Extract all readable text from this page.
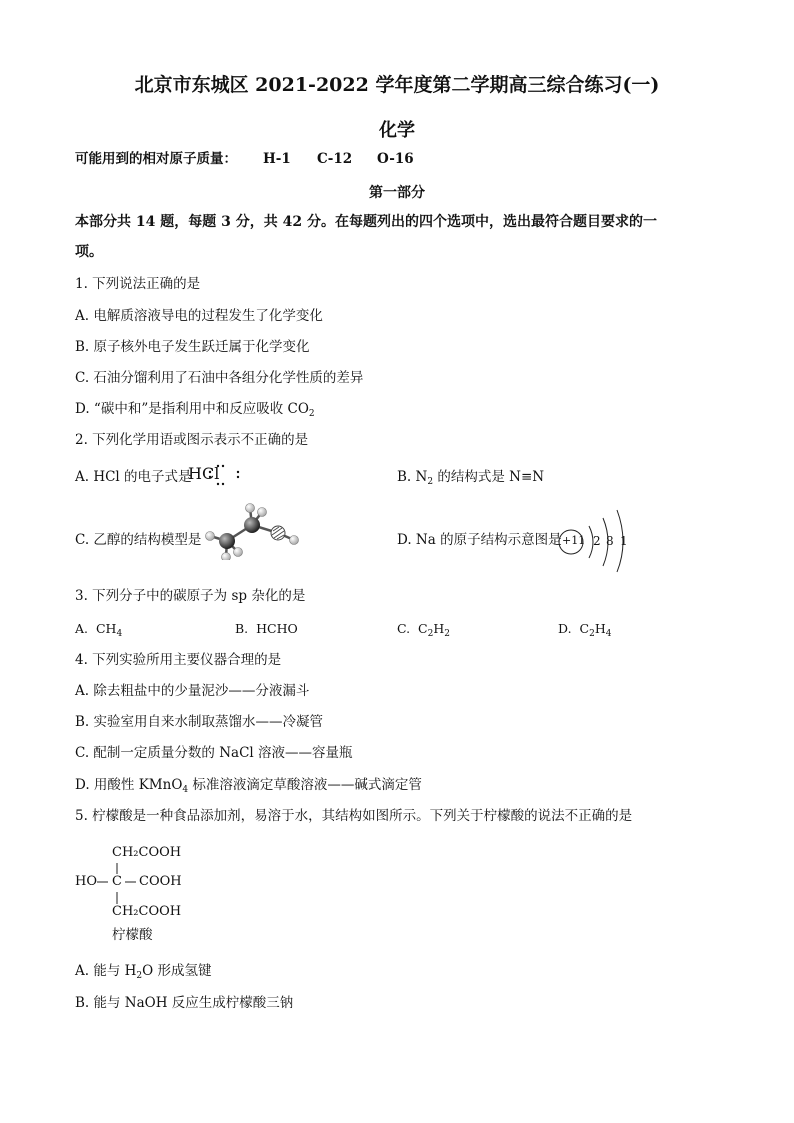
北京市东城区 2021-2022 学年度第二学期高三综合练习(一)
化学
可能用到的相对原子质量： H-1 C-12 O-16
第一部分
本部分共 14 题，每题 3 分，共 42 分。在每题列出的四个选项中，选出最符合题目要求的一
项。
1. 下列说法正确的是
A. 电解质溶液导电的过程发生了化学变化
B. 原子核外电子发生跃迁属于化学变化
C. 石油分馏利用了石油中各组分化学性质的差异
D. “碳中和”是指利用中和反应吸收 $CO_2$
2. 下列化学用语或图示表示不正确的是
A. HCl 的电子式是
H Cl	B. $N_2$ 的结构式是 N≡N
C. 乙醇的结构模型是	D. Na 的原子结构示意图是 +11 2 8 1
3. 下列分子中的碳原子为 sp 杂化的是
A. $CH_4$	B. HCHO	C. $C_2H_2$	D. $C_2H_4$
4. 下列实验所用主要仪器合理的是
A. 除去粗盐中的少量泥沙——分液漏斗
B. 实验室用自来水制取蒸馏水——冷凝管
C. 配制一定质量分数的 NaCl 溶液——容量瓶
D. 用酸性 KMnO$_4$ 标准溶液滴定草酸溶液——碱式滴定管
5. 柠檬酸是一种食品添加剂，易溶于水，其结构如图所示。下列关于柠檬酸的说法不正确的是
CH₂COOH
HO C COOH
CH₂COOH
柠檬酸
A. 能与 $H_2O$ 形成氢键
B. 能与 NaOH 反应生成柠檬酸三钠
